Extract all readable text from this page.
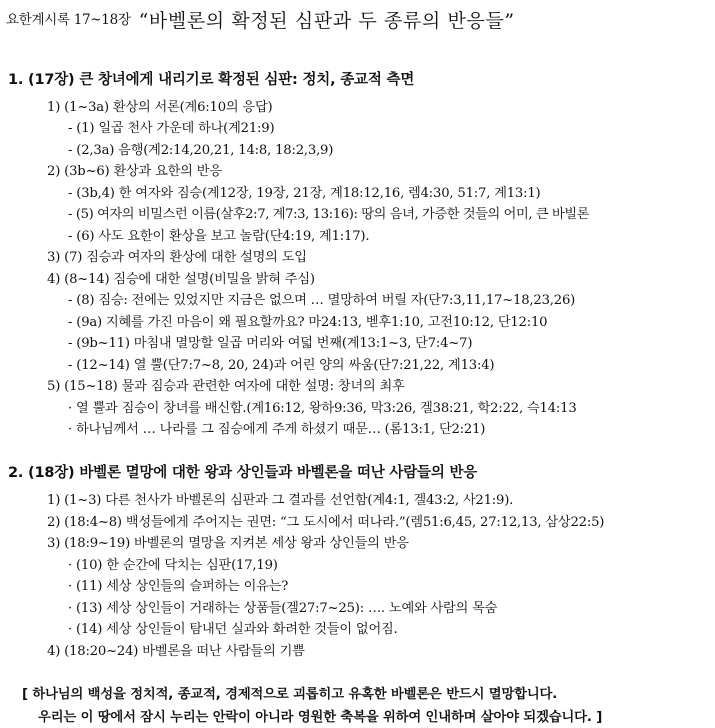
요한계시록 17~18장 “바벨론의 확정된 심판과 두 종류의 반응들”
1. (17장) 큰 창녀에게 내리기로 확정된 심판: 정치, 종교적 측면
1) (1~3a) 환상의 서론(계6:10의 응답)
- (1) 일곱 천사 가운데 하나(계21:9)
- (2,3a) 음행(계2:14,20,21, 14:8, 18:2,3,9)
2) (3b~6) 환상과 요한의 반응
- (3b,4) 한 여자와 짐승(계12장, 19장, 21장, 계18:12,16, 렘4:30, 51:7, 계13:1)
- (5) 여자의 비밀스런 이름(살후2:7, 계7:3, 13:16): 땅의 음녀, 가증한 것들의 어미, 큰 바빌론
- (6) 사도 요한이 환상을 보고 놀람(단4:19, 계1:17).
3) (7) 짐승과 여자의 환상에 대한 설명의 도입
4) (8~14) 짐승에 대한 설명(비밀을 밝혀 주심)
- (8) 짐승: 전에는 있었지만 지금은 없으며 … 멸망하여 버릴 자(단7:3,11,17~18,23,26)
- (9a) 지혜를 가진 마음이 왜 필요할까요? 마24:13, 벧후1:10, 고전10:12, 단12:10
- (9b~11) 마침내 멸망할 일곱 머리와 여덟 번째(계13:1~3, 단7:4~7)
- (12~14) 열 뿔(단7:7~8, 20, 24)과 어린 양의 싸움(단7:21,22, 계13:4)
5) (15~18) 물과 짐승과 관련한 여자에 대한 설명: 창녀의 최후
· 열 뿔과 짐승이 창녀를 배신함.(계16:12, 왕하9:36, 막3:26, 겔38:21, 학2:22, 슥14:13
· 하나님께서 … 나라를 그 짐승에게 주게 하셨기 때문… (롬13:1, 단2:21)
2. (18장) 바벨론 멸망에 대한 왕과 상인들과 바벨론을 떠난 사람들의 반응
1) (1~3) 다른 천사가 바벨론의 심판과 그 결과를 선언함(계4:1, 겔43:2, 사21:9).
2) (18:4~8) 백성들에게 주어지는 권면: “그 도시에서 떠나라.”(렘51:6,45, 27:12,13, 삼상22:5)
3) (18:9~19) 바벨론의 멸망을 지켜본 세상 왕과 상인들의 반응
· (10) 한 순간에 닥치는 심판(17,19)
· (11) 세상 상인들의 슬퍼하는 이유는?
· (13) 세상 상인들이 거래하는 상품들(겔27:7~25): …. 노예와 사람의 목숨
· (14) 세상 상인들이 탐내던 실과와 화려한 것들이 없어짐.
4) (18:20~24) 바벨론을 떠난 사람들의 기쁨
[ 하나님의 백성을 정치적, 종교적, 경제적으로 괴롭히고 유혹한 바벨론은 반드시 멸망합니다.
우리는 이 땅에서 잠시 누리는 안락이 아니라 영원한 축복을 위하여 인내하며 살아야 되겠습니다. ]
